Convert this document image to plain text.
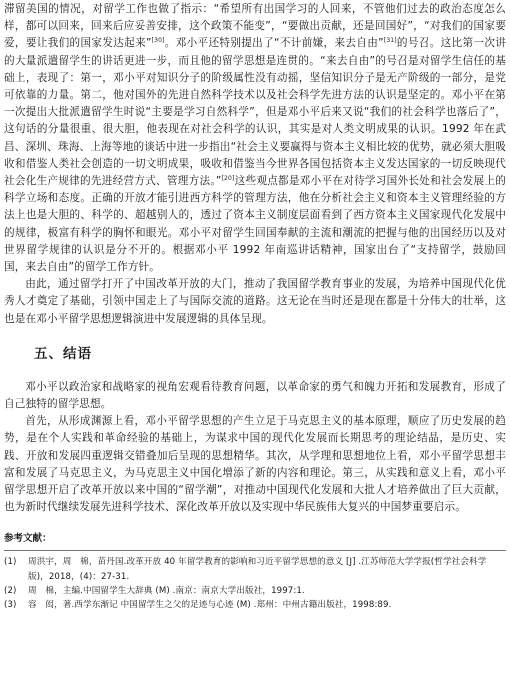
滞留美国的情况，对留学工作也做了指示：“希望所有出国学习的人回来，不管他们过去的政治态度怎么样，都可以回来，回来后应妥善安排，这个政策不能变”，“要做出贡献，还是回国好”，“对我们的国家要爱，要让我们的国家发达起来”[30]。邓小平还特别提出了“不计前嫌，来去自由”[31]的号召。这比第一次讲的大量派遣留学生的讲话更进一步，而且他的留学思想是连贯的。“来去自由”的号召是对留学生信任的基础上，表现了：第一，邓小平对知识分子的阶级属性没有动摇，坚信知识分子是无产阶级的一部分，是党可依靠的力量。第二，他对国外的先进自然科学技术以及社会科学先进方法的认识是坚定的。邓小平在第一次提出大批派遣留学生时说“主要是学习自然科学”，但是邓小平后来又说“我们的社会科学也落后了”，这句话的分量很重、很大胆，他表现在对社会科学的认识，其实是对人类文明成果的认识。1992 年在武昌、深圳、珠海、上海等地的谈话中进一步指出“社会主义要赢得与资本主义相比较的优势，就必须大胆吸收和借鉴人类社会创造的一切文明成果，吸收和借鉴当今世界各国包括资本主义发达国家的一切反映现代社会化生产规律的先进经营方式、管理方法。”[20]这些观点都是邓小平在对待学习国外长处和社会发展上的科学立场和态度。正确的开放才能引进西方科学的管理方法，他在分析社会主义和资本主义管理经验的方法上也是大胆的、科学的、超越别人的，透过了资本主义制度层面看到了西方资本主义国家现代化发展中的规律，极富有科学的胸怀和眼光。邓小平对留学生回国奉献的主流和潮流的把握与他的出国经历以及对世界留学规律的认识是分不开的。根据邓小平 1992 年南巡讲话精神，国家出台了“支持留学，鼓励回国，来去自由”的留学工作方针。

由此，通过留学打开了中国改革开放的大门，推动了我国留学教育事业的发展，为培养中国现代化优秀人才奠定了基础，引领中国走上了与国际交流的道路。这无论在当时还是现在都是十分伟大的壮举，这也是在邓小平留学思想逻辑演进中发展逻辑的具体呈现。

五、结语

邓小平以政治家和战略家的视角宏观看待教育问题，以革命家的勇气和魄力开拓和发展教育，形成了自己独特的留学思想。

首先，从形成渊源上看，邓小平留学思想的产生立足于马克思主义的基本原理，顺应了历史发展的趋势，是在个人实践和革命经验的基础上，为谋求中国的现代化发展而长期思考的理论结晶，是历史、实践、开放和发展四重逻辑交错叠加后呈现的思想精华。其次，从学理和思想地位上看，邓小平留学思想丰富和发展了马克思主义，为马克思主义中国化增添了新的内容和理论。第三，从实践和意义上看，邓小平留学思想开启了改革开放以来中国的“留学潮”，对推动中国现代化发展和大批人才培养做出了巨大贡献，也为新时代继续发展先进科学技术、深化改革开放以及实现中华民族伟大复兴的中国梦重要启示。

参考文献：

(1) 周洪宇，周　棉，苗丹国.改革开放 40 年留学教育的影响和习近平留学思想的意义 [J] .江苏师范大学学报(哲学社会科学版)，2018，(4)：27-31.

(2) 周　棉，主编.中国留学生大辞典 (M) .南京：南京大学出版社，1997:1.

(3) 容　闳，著.西学东渐记 中国留学生之父的足迹与心迹 (M) .郑州：中州古籍出版社，1998:89.
